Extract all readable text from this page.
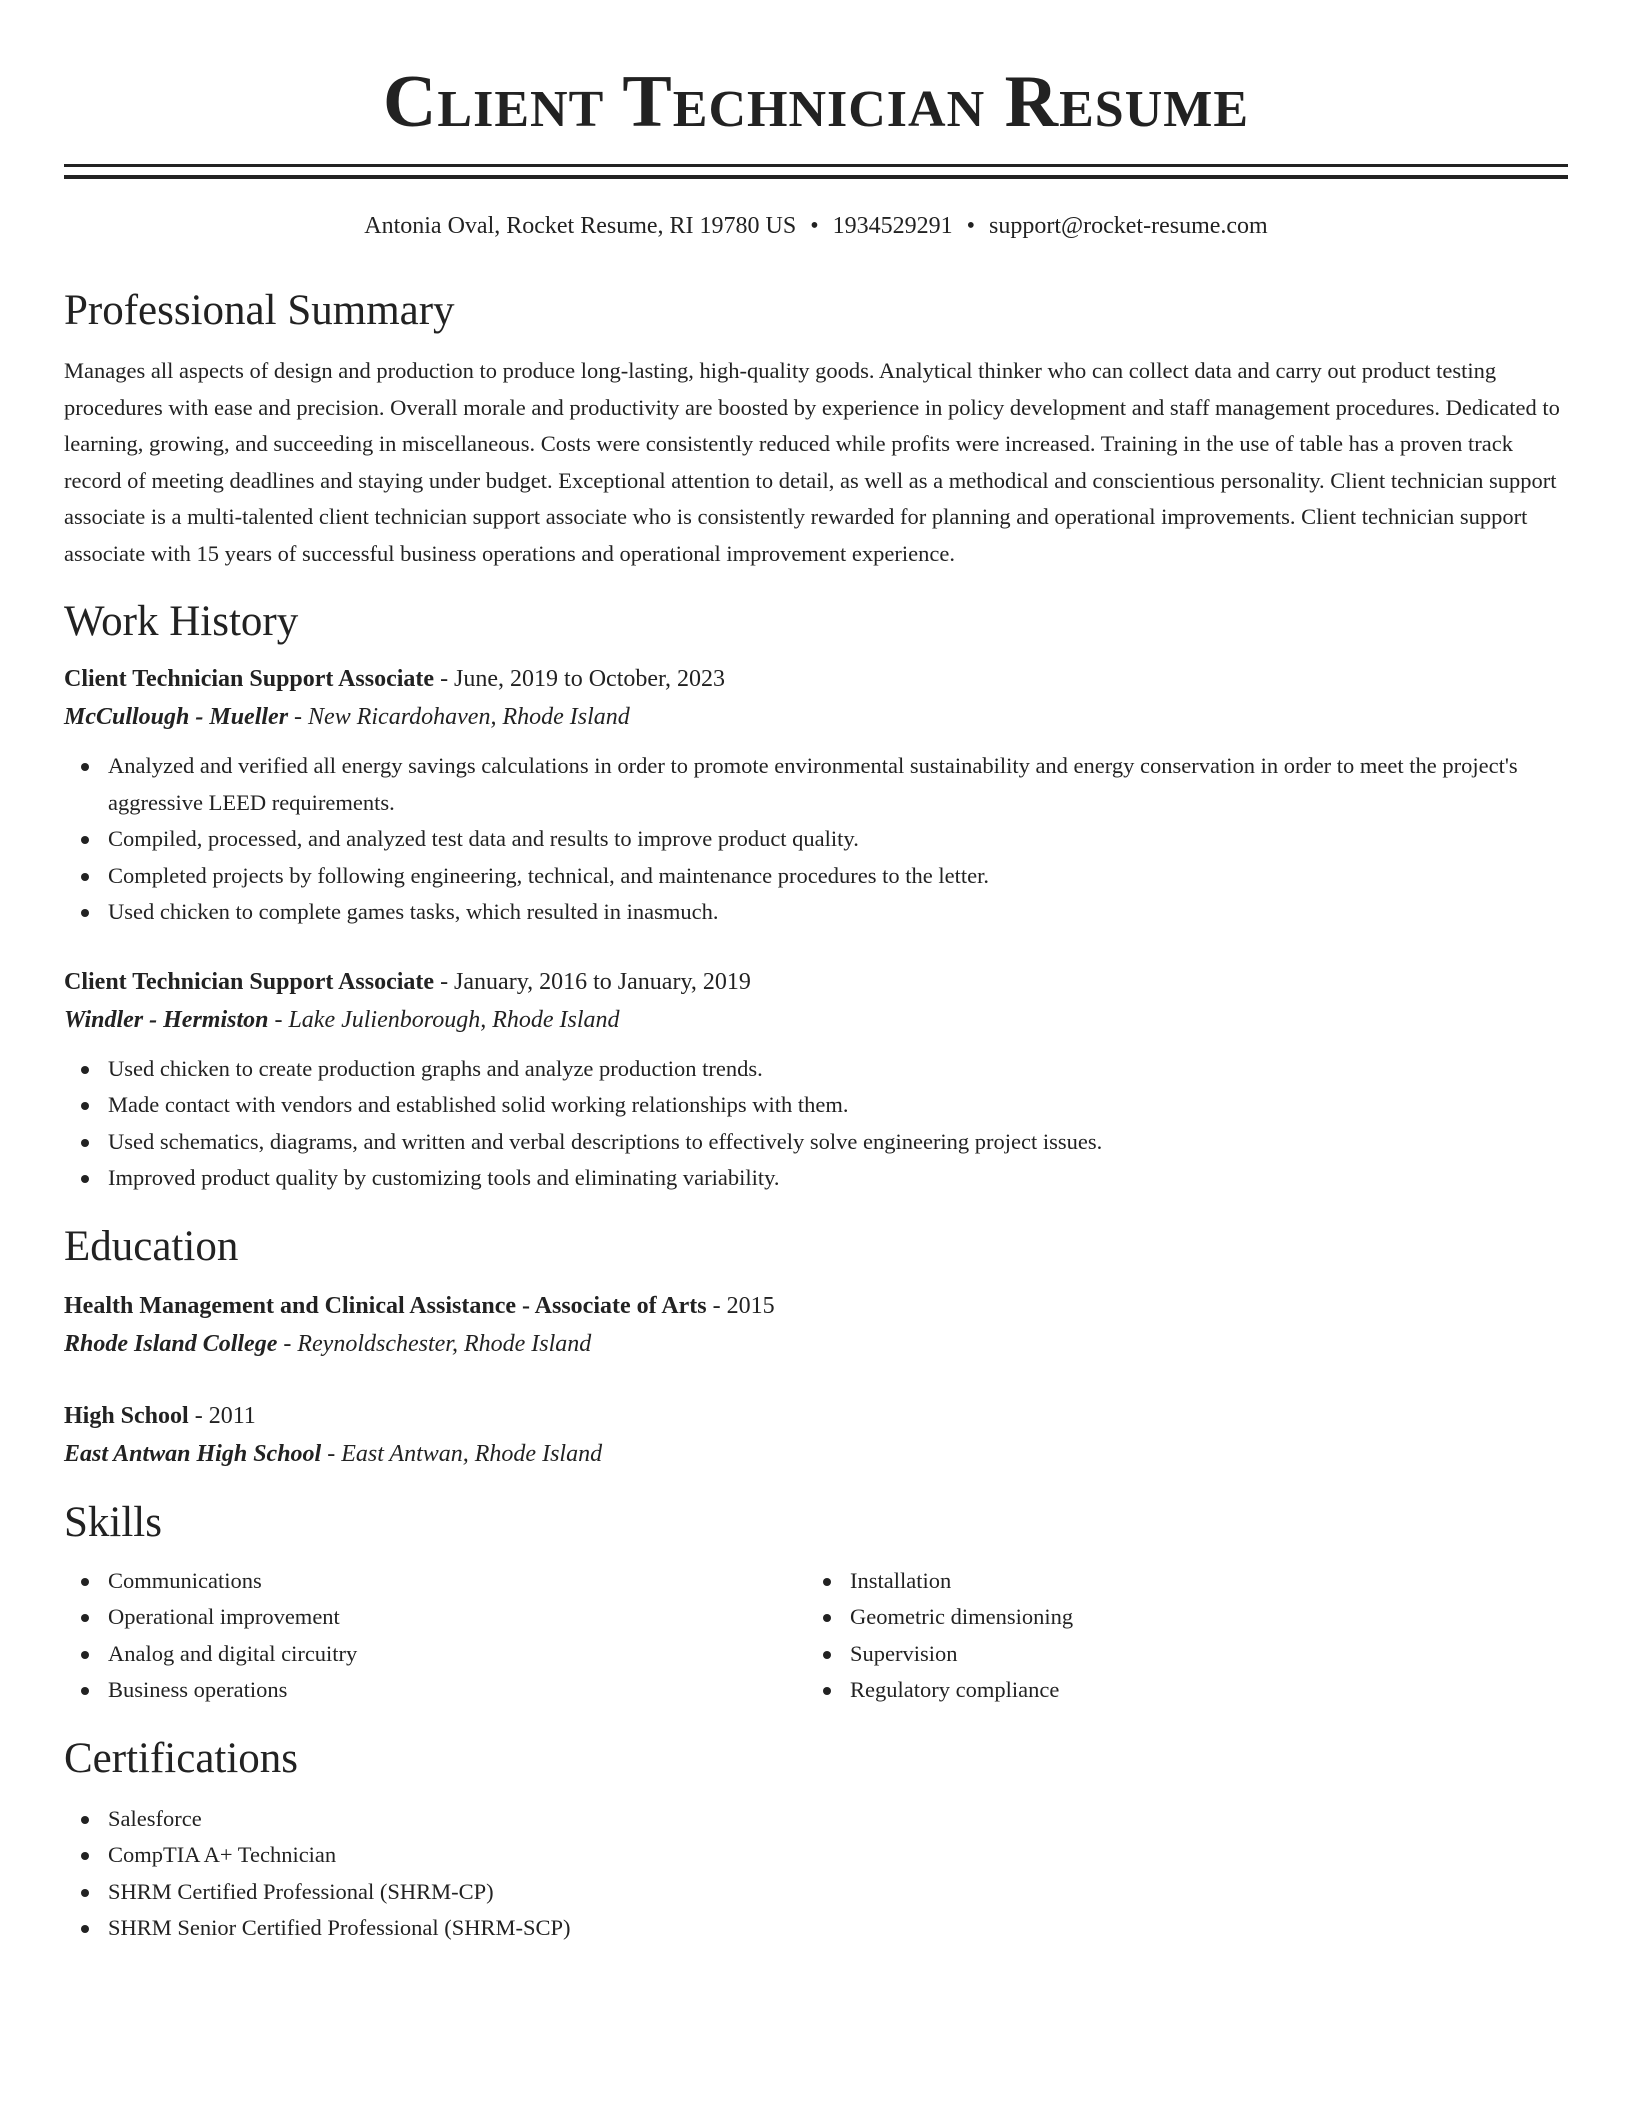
Client Technician Resume
Antonia Oval, Rocket Resume, RI 19780 US • 1934529291 • support@rocket-resume.com
Professional Summary

Manages all aspects of design and production to produce long-lasting, high-quality goods. Analytical thinker who can collect data and carry out product testing procedures with ease and precision. Overall morale and productivity are boosted by experience in policy development and staff management procedures. Dedicated to learning, growing, and succeeding in miscellaneous. Costs were consistently reduced while profits were increased. Training in the use of table has a proven track record of meeting deadlines and staying under budget. Exceptional attention to detail, as well as a methodical and conscientious personality. Client technician support associate is a multi-talented client technician support associate who is consistently rewarded for planning and operational improvements. Client technician support associate with 15 years of successful business operations and operational improvement experience.

Work History
Client Technician Support Associate - June, 2019 to October, 2023
McCullough - Mueller - New Ricardohaven, Rhode Island
Analyzed and verified all energy savings calculations in order to promote environmental sustainability and energy conservation in order to meet the project's aggressive LEED requirements.
Compiled, processed, and analyzed test data and results to improve product quality.
Completed projects by following engineering, technical, and maintenance procedures to the letter.
Used chicken to complete games tasks, which resulted in inasmuch.
Client Technician Support Associate - January, 2016 to January, 2019
Windler - Hermiston - Lake Julienborough, Rhode Island
Used chicken to create production graphs and analyze production trends.
Made contact with vendors and established solid working relationships with them.
Used schematics, diagrams, and written and verbal descriptions to effectively solve engineering project issues.
Improved product quality by customizing tools and eliminating variability.
Education
Health Management and Clinical Assistance - Associate of Arts - 2015
Rhode Island College - Reynoldschester, Rhode Island
High School - 2011
East Antwan High School - East Antwan, Rhode Island
Skills
Communications
Operational improvement
Analog and digital circuitry
Business operations
Installation
Geometric dimensioning
Supervision
Regulatory compliance
Certifications
Salesforce
CompTIA A+ Technician
SHRM Certified Professional (SHRM-CP)
SHRM Senior Certified Professional (SHRM-SCP)
